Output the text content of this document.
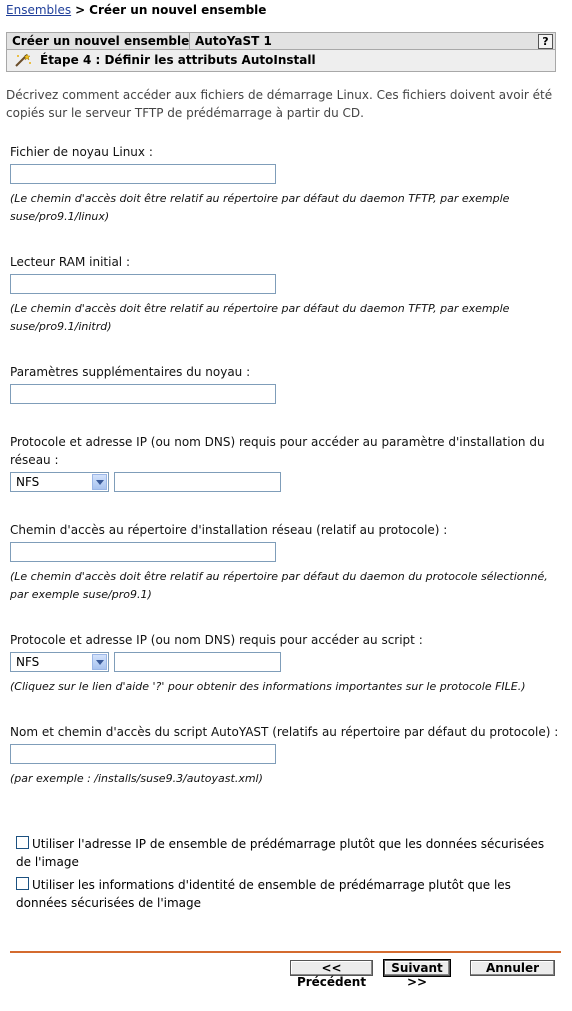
Ensembles > Créer un nouvel ensemble
Créer un nouvel ensemble AutoYaST 1	?
Étape 4 : Définir les attributs AutoInstall
Décrivez comment accéder aux fichiers de démarrage Linux. Ces fichiers doivent avoir été copiés sur le serveur TFTP de prédémarrage à partir du CD.
Fichier de noyau Linux :
(Le chemin d'accès doit être relatif au répertoire par défaut du daemon TFTP, par exemple suse/pro9.1/linux)
Lecteur RAM initial :
(Le chemin d'accès doit être relatif au répertoire par défaut du daemon TFTP, par exemple suse/pro9.1/initrd)
Paramètres supplémentaires du noyau :
Protocole et adresse IP (ou nom DNS) requis pour accéder au paramètre d'installation du réseau :
NFS
Chemin d'accès au répertoire d'installation réseau (relatif au protocole) :
(Le chemin d'accès doit être relatif au répertoire par défaut du daemon du protocole sélectionné, par exemple suse/pro9.1)
Protocole et adresse IP (ou nom DNS) requis pour accéder au script :
NFS
(Cliquez sur le lien d'aide '?' pour obtenir des informations importantes sur le protocole FILE.)
Nom et chemin d'accès du script AutoYAST (relatifs au répertoire par défaut du protocole) :
(par exemple : /installs/suse9.3/autoyast.xml)
Utiliser l'adresse IP de ensemble de prédémarrage plutôt que les données sécurisées de l'image
Utiliser les informations d'identité de ensemble de prédémarrage plutôt que les données sécurisées de l'image
<< Précédent
Suivant >>
Annuler
